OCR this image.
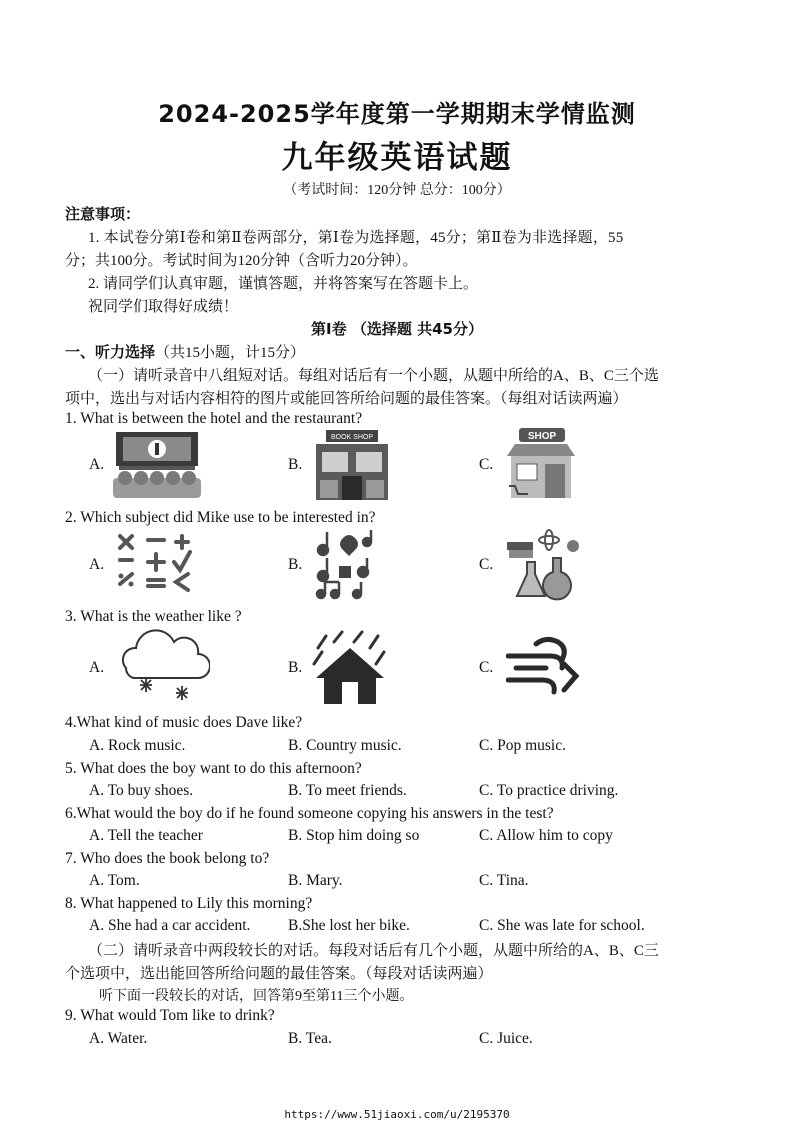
2024-2025学年度第一学期期末学情监测
九年级英语试题
（考试时间：120分钟 总分：100分）
注意事项：
1. 本试卷分第Ⅰ卷和第Ⅱ卷两部分，第Ⅰ卷为选择题，45分；第Ⅱ卷为非选择题，55
分；共100分。考试时间为120分钟（含听力20分钟）。
2. 请同学们认真审题，谨慎答题，并将答案写在答题卡上。
祝同学们取得好成绩！
第Ⅰ卷 （选择题 共45分）
一、听力选择（共15小题，计15分）
（一）请听录音中八组短对话。每组对话后有一个小题，从题中所给的A、B、C三个选
项中，选出与对话内容相符的图片或能回答所给问题的最佳答案。（每组对话读两遍）
1. What is between the hotel and the restaurant?
A.	B.	C.
BOOK SHOP	SHOP
2. Which subject did Mike use to be interested in?
A.	B.	C.
3. What is the weather like ?
A.	B.	C.
4.What kind of music does Dave like?
A. Rock music.	B. Country music.	C. Pop music.
5. What does the boy want to do this afternoon?
A. To buy shoes.	B. To meet friends.	C. To practice driving.
6.What would the boy do if he found someone copying his answers in the test?
A. Tell the teacher	B. Stop him doing so	C. Allow him to copy
7. Who does the book belong to?
A. Tom.	B. Mary.	C. Tina.
8. What happened to Lily this morning?
A. She had a car accident. B.She lost her bike.	C. She was late for school.
（二）请听录音中两段较长的对话。每段对话后有几个小题，从题中所给的A、B、C三
个选项中，选出能回答所给问题的最佳答案。（每段对话读两遍）
听下面一段较长的对话，回答第9至第11三个小题。
9. What would Tom like to drink?
A. Water.	B. Tea.	C. Juice.
https://www.51jiaoxi.com/u/2195370
